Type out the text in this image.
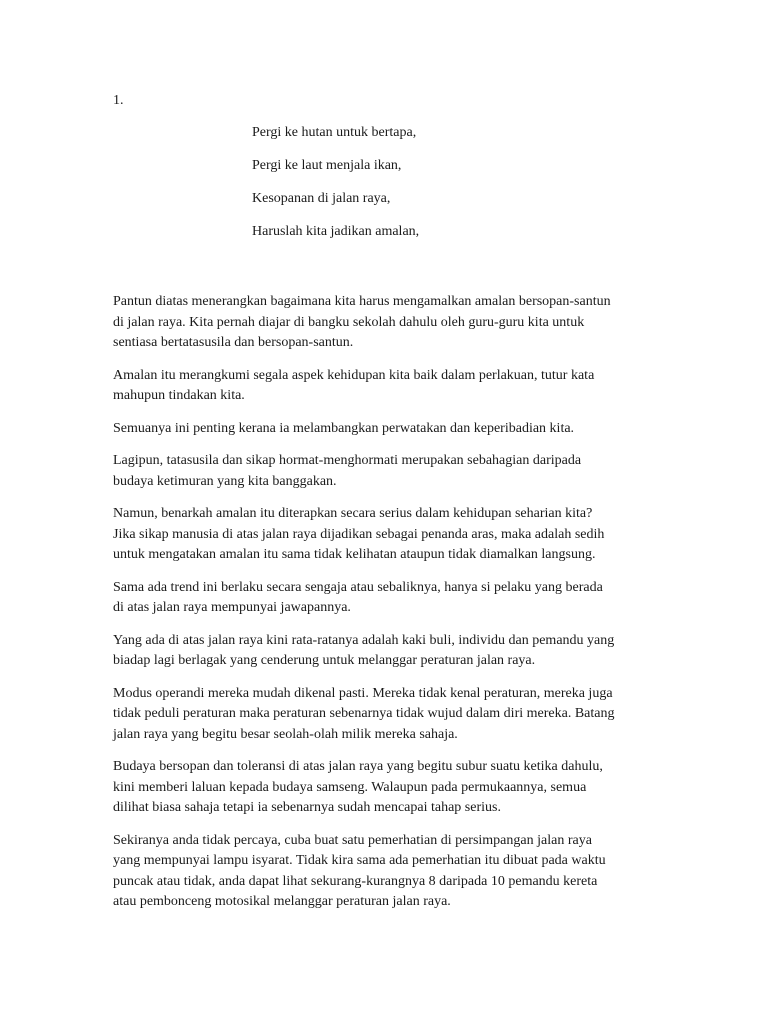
1.
Pergi ke hutan untuk bertapa,
Pergi ke laut menjala ikan,
Kesopanan di jalan raya,
Haruslah kita jadikan amalan,

Pantun diatas menerangkan bagaimana kita harus mengamalkan amalan bersopan-santun
di jalan raya. Kita pernah diajar di bangku sekolah dahulu oleh guru-guru kita untuk
sentiasa bertatasusila dan bersopan-santun.

Amalan itu merangkumi segala aspek kehidupan kita baik dalam perlakuan, tutur kata
mahupun tindakan kita.

Semuanya ini penting kerana ia melambangkan perwatakan dan keperibadian kita.

Lagipun, tatasusila dan sikap hormat-menghormati merupakan sebahagian daripada
budaya ketimuran yang kita banggakan.

Namun, benarkah amalan itu diterapkan secara serius dalam kehidupan seharian kita?
Jika sikap manusia di atas jalan raya dijadikan sebagai penanda aras, maka adalah sedih
untuk mengatakan amalan itu sama tidak kelihatan ataupun tidak diamalkan langsung.

Sama ada trend ini berlaku secara sengaja atau sebaliknya, hanya si pelaku yang berada
di atas jalan raya mempunyai jawapannya.

Yang ada di atas jalan raya kini rata-ratanya adalah kaki buli, individu dan pemandu yang
biadap lagi berlagak yang cenderung untuk melanggar peraturan jalan raya.

Modus operandi mereka mudah dikenal pasti. Mereka tidak kenal peraturan, mereka juga
tidak peduli peraturan maka peraturan sebenarnya tidak wujud dalam diri mereka. Batang
jalan raya yang begitu besar seolah-olah milik mereka sahaja.

Budaya bersopan dan toleransi di atas jalan raya yang begitu subur suatu ketika dahulu,
kini memberi laluan kepada budaya samseng. Walaupun pada permukaannya, semua
dilihat biasa sahaja tetapi ia sebenarnya sudah mencapai tahap serius.

Sekiranya anda tidak percaya, cuba buat satu pemerhatian di persimpangan jalan raya
yang mempunyai lampu isyarat. Tidak kira sama ada pemerhatian itu dibuat pada waktu
puncak atau tidak, anda dapat lihat sekurang-kurangnya 8 daripada 10 pemandu kereta
atau pembonceng motosikal melanggar peraturan jalan raya.
